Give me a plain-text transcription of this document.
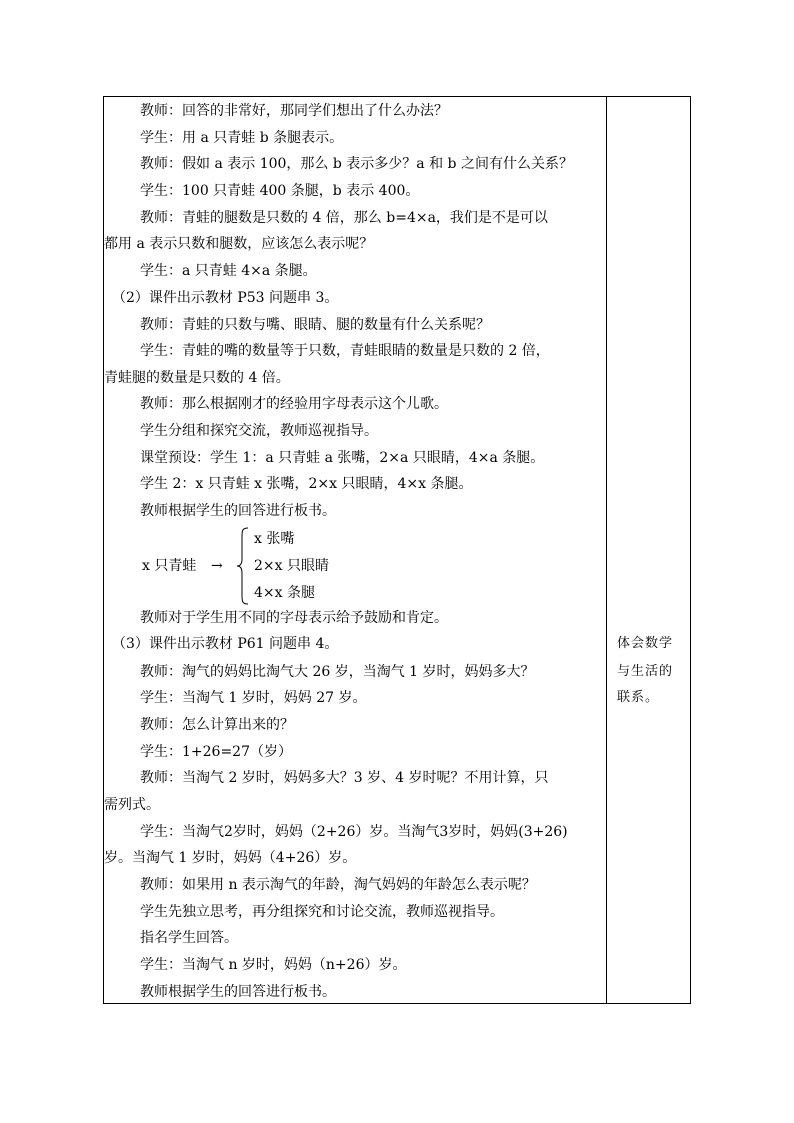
教师：回答的非常好，那同学们想出了什么办法？
学生：用 a 只青蛙 b 条腿表示。
教师：假如 a 表示 100，那么 b 表示多少？a 和 b 之间有什么关系？
学生：100 只青蛙 400 条腿，b 表示 400。
教师：青蛙的腿数是只数的 4 倍，那么 b=4×a，我们是不是可以
都用 a 表示只数和腿数，应该怎么表示呢？
学生：a 只青蛙 4×a 条腿。
（2）课件出示教材 P53 问题串 3。
教师：青蛙的只数与嘴、眼睛、腿的数量有什么关系呢？
学生：青蛙的嘴的数量等于只数，青蛙眼睛的数量是只数的 2 倍，
青蛙腿的数量是只数的 4 倍。
教师：那么根据刚才的经验用字母表示这个儿歌。
学生分组和探究交流，教师巡视指导。
课堂预设：学生 1：a 只青蛙 a 张嘴，2×a 只眼睛，4×a 条腿。
学生 2：x 只青蛙 x 张嘴，2×x 只眼睛，4×x 条腿。
教师根据学生的回答进行板书。
x 只青蛙 →
x 张嘴
2×x 只眼睛
4×x 条腿
教师对于学生用不同的字母表示给予鼓励和肯定。
（3）课件出示教材 P61 问题串 4。
教师：淘气的妈妈比淘气大 26 岁，当淘气 1 岁时，妈妈多大？
学生：当淘气 1 岁时，妈妈 27 岁。
教师：怎么计算出来的？
学生：1+26=27（岁）
教师：当淘气 2 岁时，妈妈多大？3 岁、4 岁时呢？不用计算，只
需列式。
学生：当淘气2岁时，妈妈（2+26）岁。当淘气3岁时，妈妈(3+26)
岁。当淘气 1 岁时，妈妈（4+26）岁。
教师：如果用 n 表示淘气的年龄，淘气妈妈的年龄怎么表示呢？
学生先独立思考，再分组探究和讨论交流，教师巡视指导。
指名学生回答。
学生：当淘气 n 岁时，妈妈（n+26）岁。
教师根据学生的回答进行板书。
体会数学
与生活的
联系。
